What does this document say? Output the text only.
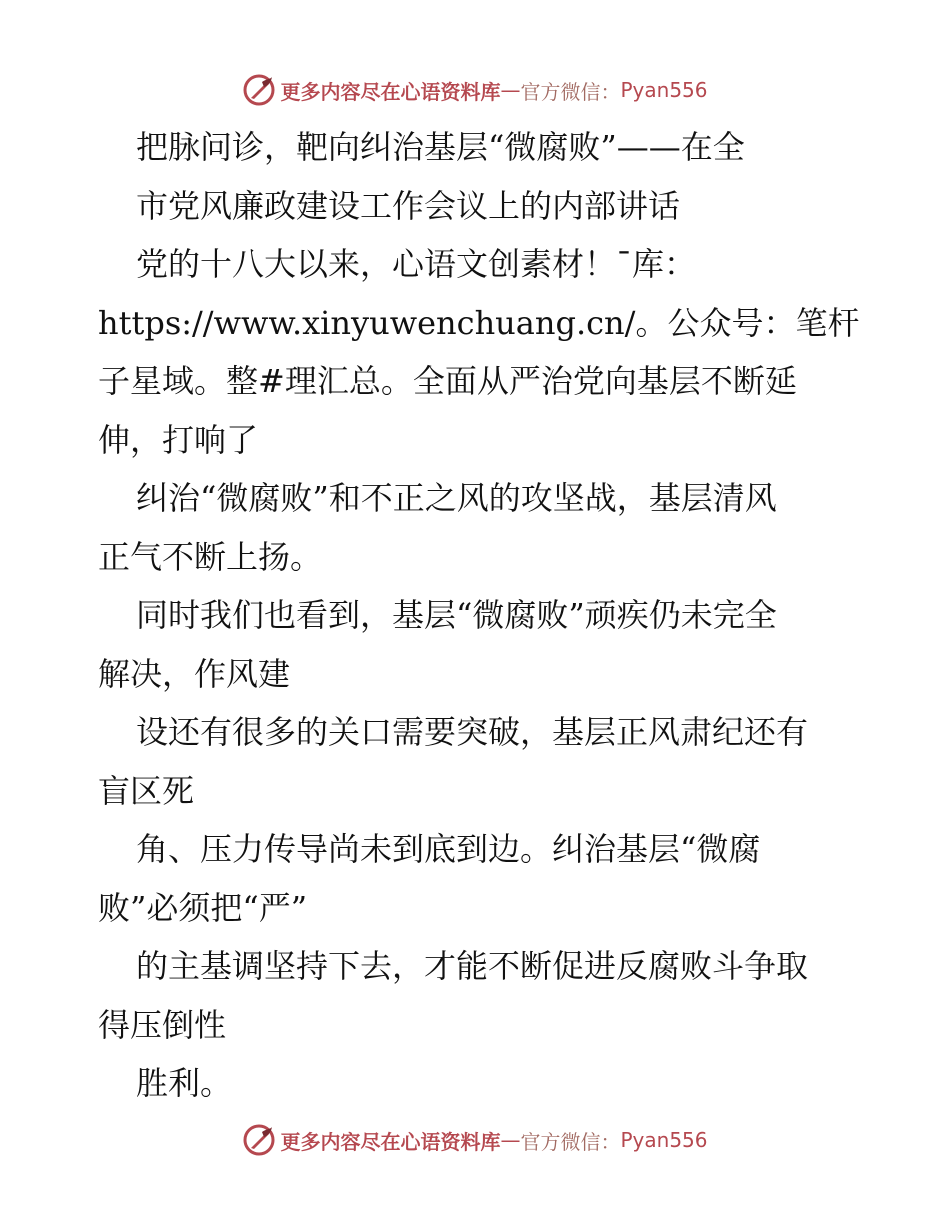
更多内容尽在心语资料库 — 官方微信： Pyan556
把脉问诊，靶向纠治基层“微腐败”——在全
市党风廉政建设工作会议上的内部讲话
党的十八大以来，心语文创素材！¯库：
https://www.xinyuwenchuang.cn/。公众号：笔杆
子星域。整#理汇总。全面从严治党向基层不断延
伸，打响了
纠治“微腐败”和不正之风的攻坚战，基层清风
正气不断上扬。
同时我们也看到，基层“微腐败”顽疾仍未完全
解决，作风建
设还有很多的关口需要突破，基层正风肃纪还有
盲区死
角、压力传导尚未到底到边。纠治基层“微腐
败”必须把“严”
的主基调坚持下去，才能不断促进反腐败斗争取
得压倒性
胜利。
更多内容尽在心语资料库 — 官方微信： Pyan556
